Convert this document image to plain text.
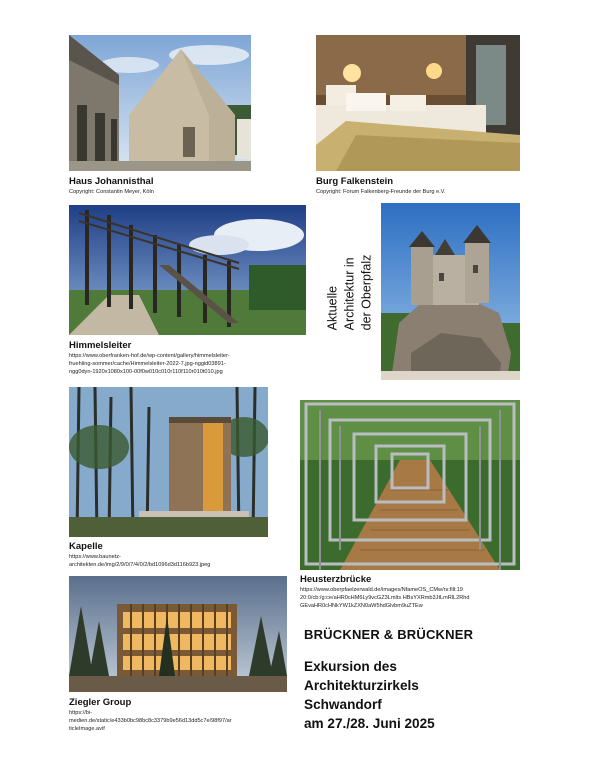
Haus Johannisthal
Copyright: Constantin Meyer, Köln
Burg Falkenstein
Copyright: Forum Falkenberg-Freunde der Burg e.V.
Himmelsleiter
https://www.oberfranken-hof.de/wp-content/gallery/himmelsleiter-
fruehling-sommer/cache/Himmelsleiter-2022-7.jpg-nggid03891-
ngg0dyn-1920x1080x100-00f0w010c010r110f110r010t010.jpg
Aktuelle Architektur in der Oberpfalz
Kapelle
https://www.baunetz-
architekten.de/img/2/9/0/7/4/0/2/bd1096d3d116b923.jpeg
Heusterzbrücke
https://www.oberpfaelzerwald.de/images/NfameOS_CMw/rs:fill:19
20:0/cb:/g:ce/aHR0cHM6Ly9vcGZ3Lmlts HBsYXRmb3JtLmRlL2Rhd
GEvaHR0cHNkYW1kZXN0aW5hdGlvbm9uZTEw
Ziegler Group
https://bi-
medien.de/static/e433b0bc98bc8c3379b9e56d13dd5c7e/98f97/ar
ticleImage.avif
BRÜCKNER & BRÜCKNER
Exkursion des
Architekturzirkels
Schwandorf
am 27./28. Juni 2025
